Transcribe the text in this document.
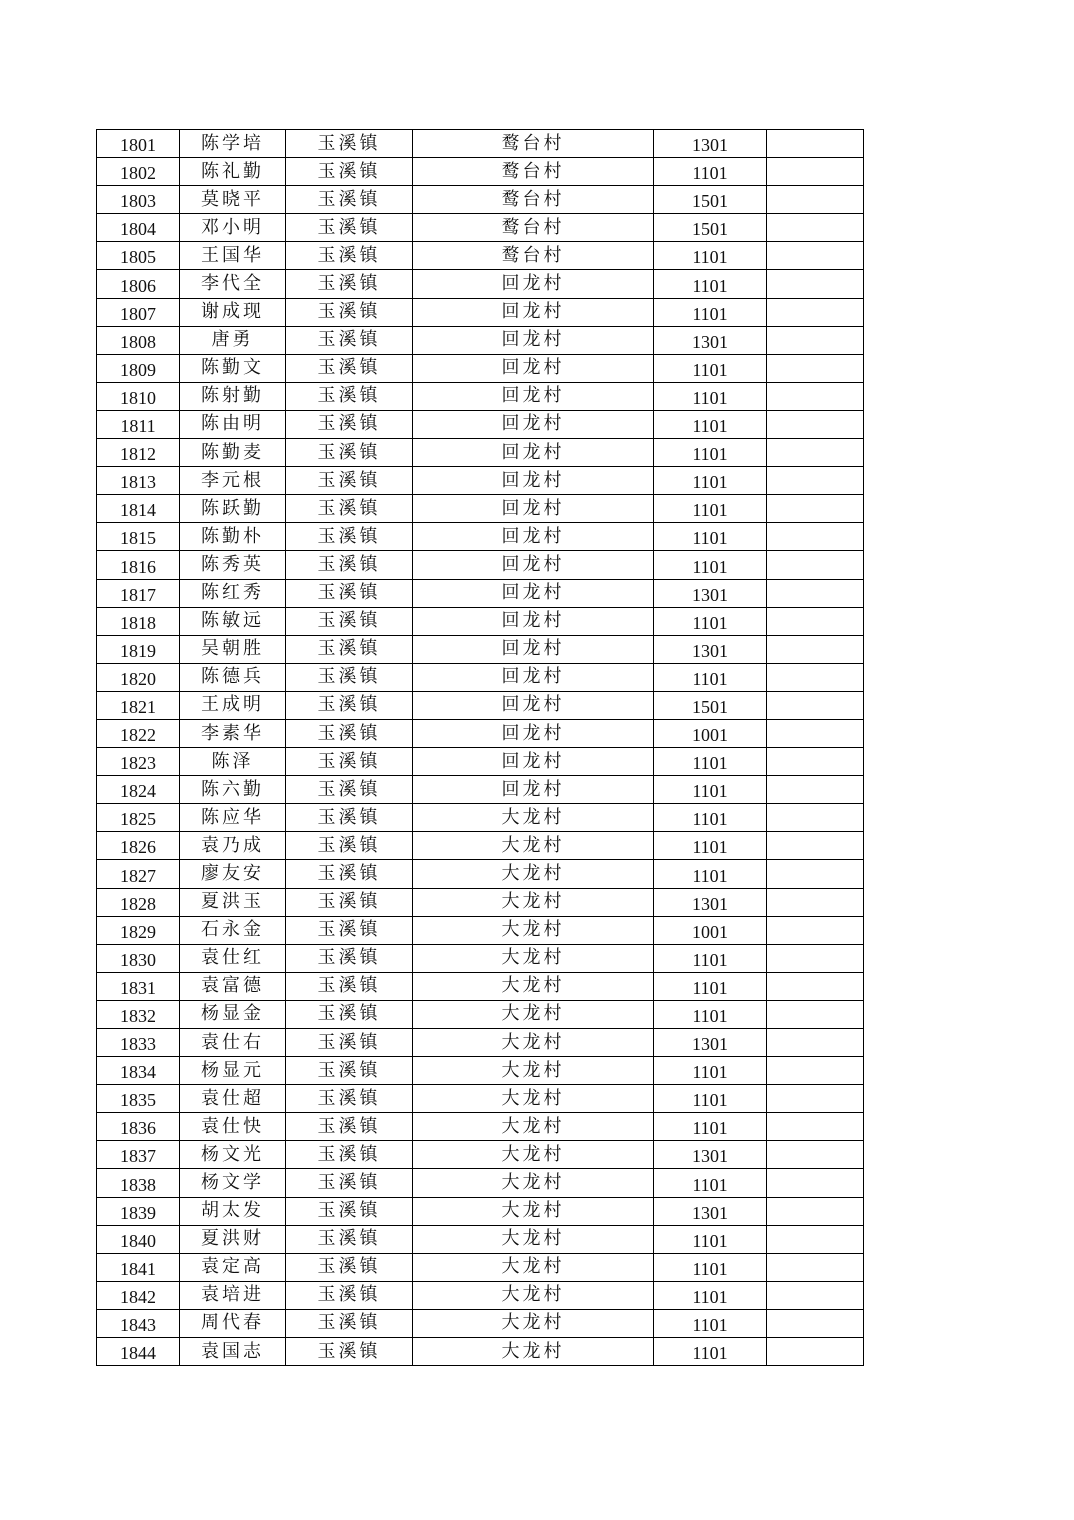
1801	陈学培	玉溪镇	鹜台村	1301	
1802	陈礼勤	玉溪镇	鹜台村	1101	
1803	莫晓平	玉溪镇	鹜台村	1501	
1804	邓小明	玉溪镇	鹜台村	1501	
1805	王国华	玉溪镇	鹜台村	1101	
1806	李代全	玉溪镇	回龙村	1101	
1807	谢成现	玉溪镇	回龙村	1101	
1808	唐勇	玉溪镇	回龙村	1301	
1809	陈勤文	玉溪镇	回龙村	1101	
1810	陈射勤	玉溪镇	回龙村	1101	
1811	陈由明	玉溪镇	回龙村	1101	
1812	陈勤麦	玉溪镇	回龙村	1101	
1813	李元根	玉溪镇	回龙村	1101	
1814	陈跃勤	玉溪镇	回龙村	1101	
1815	陈勤朴	玉溪镇	回龙村	1101	
1816	陈秀英	玉溪镇	回龙村	1101	
1817	陈红秀	玉溪镇	回龙村	1301	
1818	陈敏远	玉溪镇	回龙村	1101	
1819	吴朝胜	玉溪镇	回龙村	1301	
1820	陈德兵	玉溪镇	回龙村	1101	
1821	王成明	玉溪镇	回龙村	1501	
1822	李素华	玉溪镇	回龙村	1001	
1823	陈泽	玉溪镇	回龙村	1101	
1824	陈六勤	玉溪镇	回龙村	1101	
1825	陈应华	玉溪镇	大龙村	1101	
1826	袁乃成	玉溪镇	大龙村	1101	
1827	廖友安	玉溪镇	大龙村	1101	
1828	夏洪玉	玉溪镇	大龙村	1301	
1829	石永金	玉溪镇	大龙村	1001	
1830	袁仕红	玉溪镇	大龙村	1101	
1831	袁富德	玉溪镇	大龙村	1101	
1832	杨显金	玉溪镇	大龙村	1101	
1833	袁仕右	玉溪镇	大龙村	1301	
1834	杨显元	玉溪镇	大龙村	1101	
1835	袁仕超	玉溪镇	大龙村	1101	
1836	袁仕快	玉溪镇	大龙村	1101	
1837	杨文光	玉溪镇	大龙村	1301	
1838	杨文学	玉溪镇	大龙村	1101	
1839	胡太发	玉溪镇	大龙村	1301	
1840	夏洪财	玉溪镇	大龙村	1101	
1841	袁定高	玉溪镇	大龙村	1101	
1842	袁培进	玉溪镇	大龙村	1101	
1843	周代春	玉溪镇	大龙村	1101	
1844	袁国志	玉溪镇	大龙村	1101	
